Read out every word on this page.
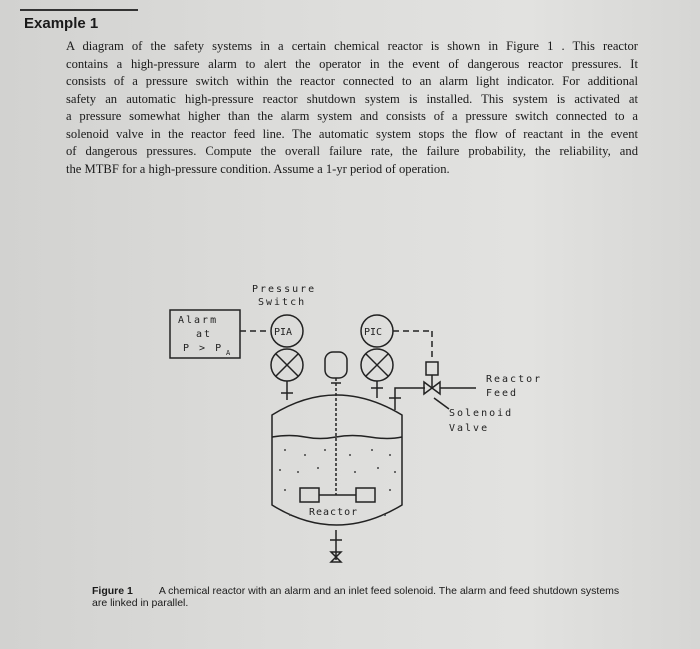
Example 1
A diagram of the safety systems in a certain chemical reactor is shown in Figure 1 . This reactor
contains a high-pressure alarm to alert the operator in the event of dangerous reactor pressures. It
consists of a pressure switch within the reactor connected to an alarm light indicator. For additional
safety an automatic high-pressure reactor shutdown system is installed. This system is activated at
a pressure somewhat higher than the alarm system and consists of a pressure switch connected to a
solenoid valve in the reactor feed line. The automatic system stops the flow of reactant in the event
of dangerous pressures. Compute the overall failure rate, the failure probability, the reliability, and
the MTBF for a high-pressure condition. Assume a 1-yr period of operation.
Pressure
Switch
Alarm
at
P > P A
PIA	PIC
Reactor
Feed
Solenoid
Valve
Reactor
Figure 1 A chemical reactor with an alarm and an inlet feed solenoid. The alarm and feed shutdown systems are linked in parallel.
